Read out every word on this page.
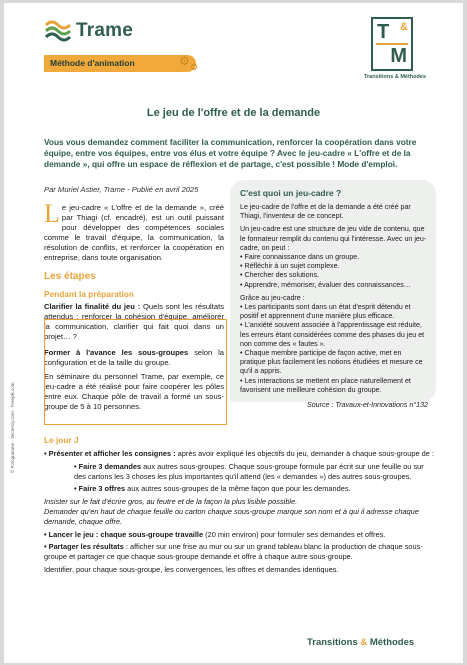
Trame
Méthode d'animation	⚙ ⚙
T &
M
Transitions & Méthodes
Le jeu de l'offre et de la demande
Vous vous demandez comment faciliter la communication, renforcer la coopération dans votre équipe, entre vos équipes, entre vos élus et votre équipe ? Avec le jeu-cadre « L'offre et de la demande », qui offre un espace de réflexion et de partage, c'est possible ! Mode d'emploi.
Par Muriel Astier, Trame - Publié en avril 2025
Le jeu-cadre « L'offre et de la demande », créé par Thiagi (cf. encadré), est un outil puissant pour développer des compétences sociales comme le travail d'équipe, la communication, la résolution de conflits, et renforcer la coopération en entreprise, dans toute organisation.
Les étapes
Pendant la préparation
Clarifier la finalité du jeu : Quels sont les résultats attendus : renforcer la cohésion d'équipe, améliorer la communication, clarifier qui fait quoi dans un projet… ?
Former à l'avance les sous-groupes selon la configuration et de la taille du groupe.
En séminaire du personnel Trame, par exemple, ce jeu-cadre a été réalisé pour faire coopérer les pôles entre eux. Chaque pôle de travail a formé un sous-groupe de 5 à 10 personnes.
C'est quoi un jeu-cadre ?
Le jeu-cadre de l'offre et de la demande a été créé par Thiagi, l'inventeur de ce concept.
Un jeu-cadre est une structure de jeu vide de contenu, que le formateur remplit du contenu qui l'intéresse. Avec un jeu-cadre, on peut :
• Faire connaissance dans un groupe.
• Réfléchir à un sujet complexe.
• Chercher des solutions.
• Apprendre, mémoriser, évaluer des connaissances…
Grâce au jeu-cadre :
• Les participants sont dans un état d'esprit détendu et positif et apprennent d'une manière plus efficace.
• L'anxiété souvent associée à l'apprentissage est réduite, les erreurs étant considérées comme des phases du jeu et non comme des « fautes ».
• Chaque membre participe de façon active, met en pratique plus facilement les notions étudiées et mesure ce qu'il a appris.
• Les interactions se mettent en place naturellement et favorisent une meilleure cohésion du groupe.
Source : Travaux-et-Innovations n°132
Le jour J

• Présenter et afficher les consignes : après avoir expliqué les objectifs du jeu, demander à chaque sous-groupe de :

• Faire 3 demandes aux autres sous-groupes. Chaque sous-groupe formule par écrit sur une feuille ou sur des cartons les 3 choses les plus importantes qu'il attend (les « demandes ») des autres sous-groupes.

• Faire 3 offres aux autres sous-groupes de la même façon que pour les demandes.

Insister sur le fait d'écrire gros, au feutre et de la façon la plus lisible possible.

Demander qu'en haut de chaque feuille ou carton chaque sous-groupe marque son nom et à qui il adresse chaque demande, chaque offre.

• Lancer le jeu : chaque sous-groupe travaille (20 min environ) pour formuler ses demandes et offres.

• Partager les résultats : afficher sur une frise au mur ou sur un grand tableau blanc la production de chaque sous-groupe et partager ce que chaque sous-groupe demande et offre à chaque autre sous-groupe.

Identifier, pour chaque sous-groupe, les convergences, les offres et demandes identiques.

© Fotogramme · Vecteezy.com · Freepik.com
Transitions & Méthodes
